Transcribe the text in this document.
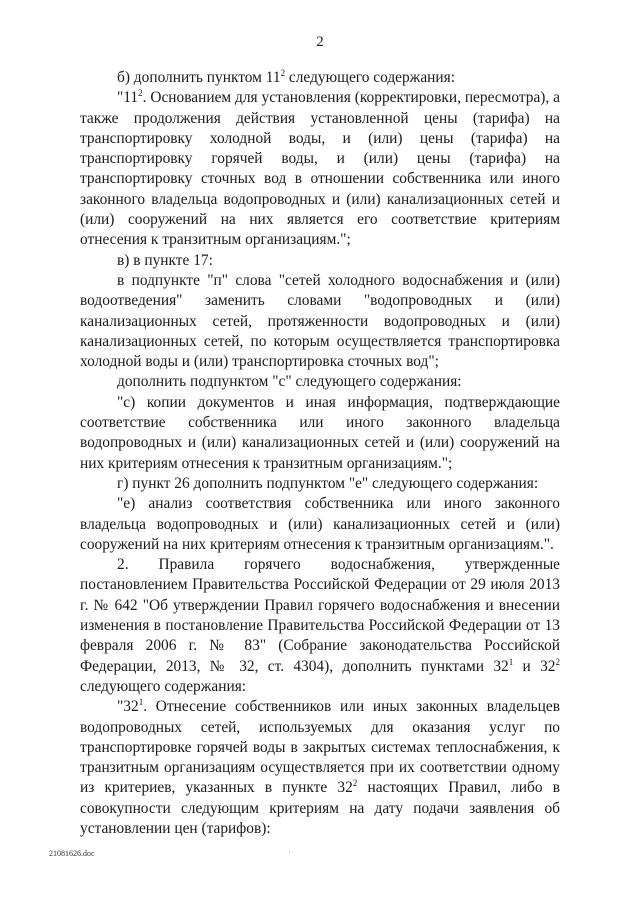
2

б) дополнить пунктом $11^2$ следующего содержания:

"$11^2$. Основанием для установления (корректировки, пересмотра), а также продолжения действия установленной цены (тарифа) на транспортировку холодной воды, и (или) цены (тарифа) на транспортировку горячей воды, и (или) цены (тарифа) на транспортировку сточных вод в отношении собственника или иного законного владельца водопроводных и (или) канализационных сетей и (или) сооружений на них является его соответствие критериям отнесения к транзитным организациям.";

в) в пункте 17:

в подпункте "п" слова "сетей холодного водоснабжения и (или) водоотведения" заменить словами "водопроводных и (или) канализационных сетей, протяженности водопроводных и (или) канализационных сетей, по которым осуществляется транспортировка холодной воды и (или) транспортировка сточных вод";

дополнить подпунктом "с" следующего содержания:

"с) копии документов и иная информация, подтверждающие соответствие собственника или иного законного владельца водопроводных и (или) канализационных сетей и (или) сооружений на них критериям отнесения к транзитным организациям.";

г) пункт 26 дополнить подпунктом "е" следующего содержания:

"е) анализ соответствия собственника или иного законного владельца водопроводных и (или) канализационных сетей и (или) сооружений на них критериям отнесения к транзитным организациям.".

2. Правила горячего водоснабжения, утвержденные постановлением Правительства Российской Федерации от 29 июля 2013 г. № 642 "Об утверждении Правил горячего водоснабжения и внесении изменения в постановление Правительства Российской Федерации от 13 февраля 2006 г. № 83" (Собрание законодательства Российской Федерации, 2013, № 32, ст. 4304), дополнить пунктами $32^1$ и $32^2$ следующего содержания:

"$32^1$. Отнесение собственников или иных законных владельцев водопроводных сетей, используемых для оказания услуг по транспортировке горячей воды в закрытых системах теплоснабжения, к транзитным организациям осуществляется при их соответствии одному из критериев, указанных в пункте $32^2$ настоящих Правил, либо в совокупности следующим критериям на дату подачи заявления об установлении цен (тарифов):

21081626.doc	·
